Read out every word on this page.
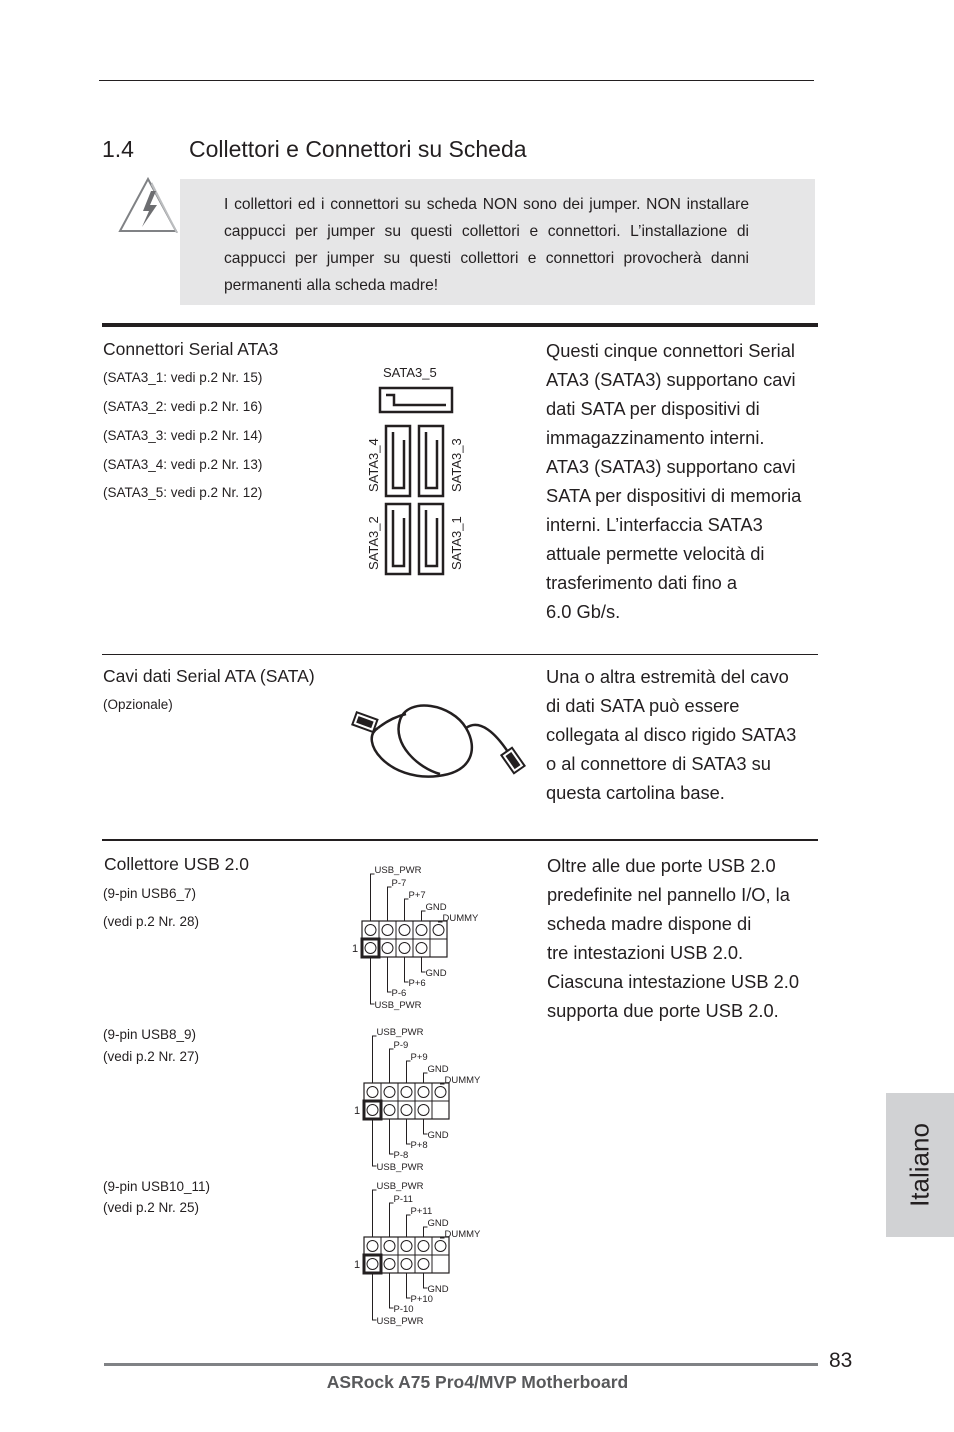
1.4 Collettori e Connettori su Scheda
I collettori ed i connettori su scheda NON sono dei jumper. NON installare cappucci per jumper su questi collettori e connettori. L’installazione di cappucci per jumper su questi collettori e connettori provocherà danni permanenti alla scheda madre!
Connettori Serial ATA3
(SATA3_1: vedi p.2 Nr. 15)
(SATA3_2: vedi p.2 Nr. 16)
(SATA3_3: vedi p.2 Nr. 14)
(SATA3_4: vedi p.2 Nr. 13)
(SATA3_5: vedi p.2 Nr. 12)
SATA3_5
SATA3_4	SATA3_3
SATA3_2	SATA3_1
Questi cinque connettori Serial
ATA3 (SATA3) supportano cavi
dati SATA per dispositivi di
immagazzinamento interni.
ATA3 (SATA3) supportano cavi
SATA per dispositivi di memoria
interni. L’interfaccia SATA3
attuale permette velocità di
trasferimento dati fino a
6.0 Gb/s.
Cavi dati Serial ATA (SATA)
(Opzionale)
Una o altra estremità del cavo
di dati SATA può essere
collegata al disco rigido SATA3
o al connettore di SATA3 su
questa cartolina base.
Collettore USB 2.0
(9-pin USB6_7)
(vedi p.2 Nr. 28)
(9-pin USB8_9)
(vedi p.2 Nr. 27)
(9-pin USB10_11)
(vedi p.2 Nr. 25)
Oltre alle due porte USB 2.0
predefinite nel pannello I/O, la
scheda madre dispone di
tre intestazioni USB 2.0.
Ciascuna intestazione USB 2.0
supporta due porte USB 2.0.
USB_PWR
P-7
P+7
GND
DUMMY
GND
P+6
P-6
USB_PWR
1
USB_PWR
P-9
P+9
GND
DUMMY
GND
P+8
P-8
USB_PWR
1
USB_PWR
P-11
P+11
GND
DUMMY
GND
P+10
P-10
USB_PWR
1
Italiano
83
ASRock A75 Pro4/MVP Motherboard
